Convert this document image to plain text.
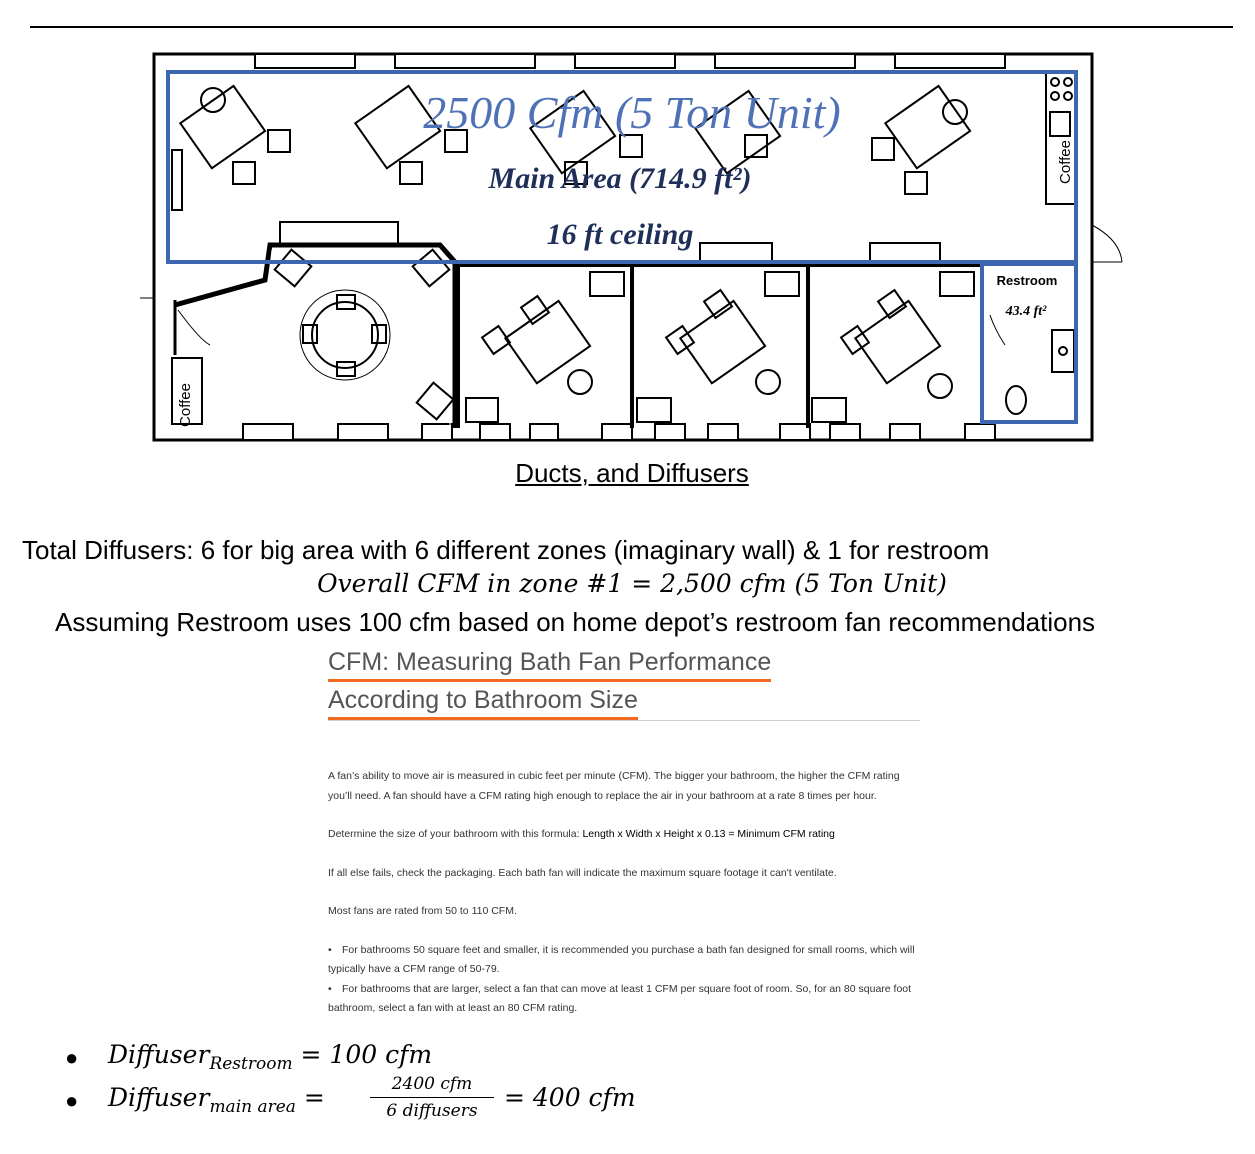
2500 Cfm (5 Ton Unit)
Main Area (714.9 ft²)
16 ft ceiling
Restroom
43.4 ft²
Coffee
Coffee
Ducts, and Diffusers
Total Diffusers: 6 for big area with 6 different zones (imaginary wall) & 1 for restroom
Overall CFM in zone #1 = 2,500 cfm (5 Ton Unit)
Assuming Restroom uses 100 cfm based on home depot’s restroom fan recommendations
CFM: Measuring Bath Fan Performance
According to Bathroom Size

A fan’s ability to move air is measured in cubic feet per minute (CFM). The bigger your bathroom, the higher the CFM rating you’ll need. A fan should have a CFM rating high enough to replace the air in your bathroom at a rate 8 times per hour.

Determine the size of your bathroom with this formula: Length x Width x Height x 0.13 = Minimum CFM rating

If all else fails, check the packaging. Each bath fan will indicate the maximum square footage it can't ventilate.

Most fans are rated from 50 to 110 CFM.

• For bathrooms 50 square feet and smaller, it is recommended you purchase a bath fan designed for small rooms, which will typically have a CFM range of 50-79.
• For bathrooms that are larger, select a fan that can move at least 1 CFM per square foot of room. So, for an 80 square foot bathroom, select a fan with at least an 80 CFM rating.
● Diffuser$_{Restroom}$ = 100 cfm
● Diffuser$_{main area}$ =	2400 cfm
6 diffusers	= 400 cfm
